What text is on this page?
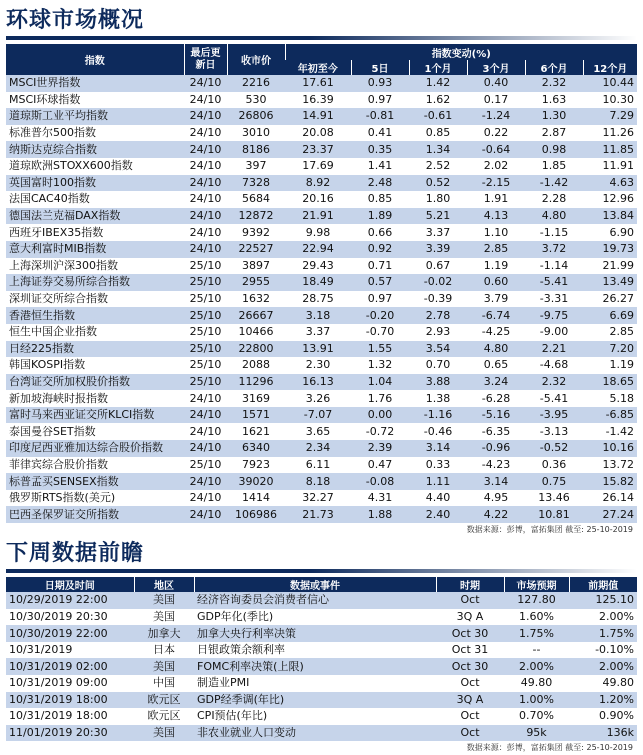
环球市场概况
指数	最后更新日	收市价	指数变动(%)					
			年初至今	5日	1个月	3个月	6个月	12个月
MSCI世界指数	24/10	2216	17.61	0.93	1.42	0.40	2.32	10.44
MSCI环球指数	24/10	530	16.39	0.97	1.62	0.17	1.63	10.30
道琼斯工业平均指数	24/10	26806	14.91	-0.81	-0.61	-1.24	1.30	7.29
标准普尔500指数	24/10	3010	20.08	0.41	0.85	0.22	2.87	11.26
纳斯达克综合指数	24/10	8186	23.37	0.35	1.34	-0.64	0.98	11.85
道琼欧洲STOXX600指数	24/10	397	17.69	1.41	2.52	2.02	1.85	11.91
英国富时100指数	24/10	7328	8.92	2.48	0.52	-2.15	-1.42	4.63
法国CAC40指数	24/10	5684	20.16	0.85	1.80	1.91	2.28	12.96
德国法兰克福DAX指数	24/10	12872	21.91	1.89	5.21	4.13	4.80	13.84
西班牙IBEX35指数	24/10	9392	9.98	0.66	3.37	1.10	-1.15	6.90
意大利富时MIB指数	24/10	22527	22.94	0.92	3.39	2.85	3.72	19.73
上海深圳沪深300指数	25/10	3897	29.43	0.71	0.67	1.19	-1.14	21.99
上海证券交易所综合指数	25/10	2955	18.49	0.57	-0.02	0.60	-5.41	13.49
深圳证交所综合指数	25/10	1632	28.75	0.97	-0.39	3.79	-3.31	26.27
香港恒生指数	25/10	26667	3.18	-0.20	2.78	-6.74	-9.75	6.69
恒生中国企业指数	25/10	10466	3.37	-0.70	2.93	-4.25	-9.00	2.85
日经225指数	25/10	22800	13.91	1.55	3.54	4.80	2.21	7.20
韩国KOSPI指数	25/10	2088	2.30	1.32	0.70	0.65	-4.68	1.19
台湾证交所加权股价指数	25/10	11296	16.13	1.04	3.88	3.24	2.32	18.65
新加坡海峡时报指数	24/10	3169	3.26	1.76	1.38	-6.28	-5.41	5.18
富时马来西亚证交所KLCI指数	24/10	1571	-7.07	0.00	-1.16	-5.16	-3.95	-6.85
泰国曼谷SET指数	24/10	1621	3.65	-0.72	-0.46	-6.35	-3.13	-1.42
印度尼西亚雅加达综合股价指数	24/10	6340	2.34	2.39	3.14	-0.96	-0.52	10.16
菲律宾综合股价指数	25/10	7923	6.11	0.47	0.33	-4.23	0.36	13.72
标普孟买SENSEX指数	24/10	39020	8.18	-0.08	1.11	3.14	0.75	15.82
俄罗斯RTS指数(美元)	24/10	1414	32.27	4.31	4.40	4.95	13.46	26.14
巴西圣保罗证交所指数	24/10	106986	21.73	1.88	2.40	4.22	10.81	27.24
数据来源：彭博，富拓集团 截至: 25-10-2019
下周数据前瞻
日期及时间	地区	数据或事件	时期	市场预期	前期值
10/29/2019 22:00	美国	经济咨询委员会消费者信心	Oct	127.80	125.10
10/30/2019 20:30	美国	GDP年化(季比)	3Q A	1.60%	2.00%
10/30/2019 22:00	加拿大	加拿大央行利率决策	Oct 30	1.75%	1.75%
10/31/2019	日本	日银政策余额利率	Oct 31	--	-0.10%
10/31/2019 02:00	美国	FOMC利率决策(上限)	Oct 30	2.00%	2.00%
10/31/2019 09:00	中国	制造业PMI	Oct	49.80	49.80
10/31/2019 18:00	欧元区	GDP经季调(年比)	3Q A	1.00%	1.20%
10/31/2019 18:00	欧元区	CPI预估(年比)	Oct	0.70%	0.90%
11/01/2019 20:30	美国	非农业就业人口变动	Oct	95k	136k
数据来源：彭博，富拓集团 截至: 25-10-2019
